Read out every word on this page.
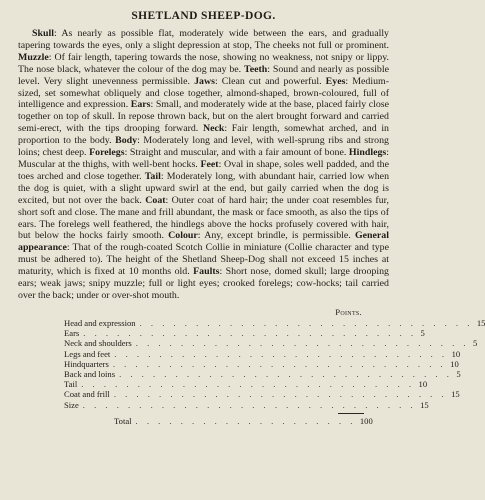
SHETLAND SHEEP-DOG.

Skull: As nearly as possible flat, moderately wide between the ears, and gradually tapering towards the eyes, only a slight depression at stop, The cheeks not full or prominent. Muzzle: Of fair length, tapering towards the nose, showing no weakness, not snipy or lippy. The nose black, whatever the colour of the dog may be. Teeth: Sound and nearly as possible level. Very slight unevenness permissible. Jaws: Clean cut and powerful. Eyes: Medium-sized, set somewhat obliquely and close together, almond-shaped, brown-coloured, full of intelligence and expression. Ears: Small, and moderately wide at the base, placed fairly close together on top of skull. In repose thrown back, but on the alert brought forward and carried semi-erect, with the tips drooping forward. Neck: Fair length, somewhat arched, and in proportion to the body. Body: Moderately long and level, with well-sprung ribs and strong loins; chest deep. Forelegs: Straight and muscular, and with a fair amount of bone. Hindlegs: Muscular at the thighs, with well-bent hocks. Feet: Oval in shape, soles well padded, and the toes arched and close together. Tail: Moderately long, with abundant hair, carried low when the dog is quiet, with a slight upward swirl at the end, but gaily carried when the dog is excited, but not over the back. Coat: Outer coat of hard hair; the under coat resembles fur, short soft and close. The mane and frill abundant, the mask or face smooth, as also the tips of ears. The forelegs well feathered, the hindlegs above the hocks profusely covered with hair, but below the hocks fairly smooth. Colour: Any, except brindle, is permissible. General appearance: That of the rough-coated Scotch Collie in miniature (Collie character and type must be adhered to). The height of the Shetland Sheep-Dog shall not exceed 15 inches at maturity, which is fixed at 10 months old. Faults: Short nose, domed skull; large drooping ears; weak jaws; snipy muzzle; full or light eyes; crooked forelegs; cow-hocks; tail carried over the back; under or over-shot mouth.

Points.
Head and expression . . . . . . . . . . . . . . . . . . . . . . . . . . . . . . 15
Ears . . . . . . . . . . . . . . . . . . . . . . . . . . . . . . 5
Neck and shoulders . . . . . . . . . . . . . . . . . . . . . . . . . . . . . . 5
Legs and feet . . . . . . . . . . . . . . . . . . . . . . . . . . . . . . 10
Hindquarters . . . . . . . . . . . . . . . . . . . . . . . . . . . . . . 10
Back and loins . . . . . . . . . . . . . . . . . . . . . . . . . . . . . . 5
Tail . . . . . . . . . . . . . . . . . . . . . . . . . . . . . . 10
Coat and frill . . . . . . . . . . . . . . . . . . . . . . . . . . . . . . 15
Size . . . . . . . . . . . . . . . . . . . . . . . . . . . . . . 15
Total . . . . . . . . . . . . . . . . . . . . 100
